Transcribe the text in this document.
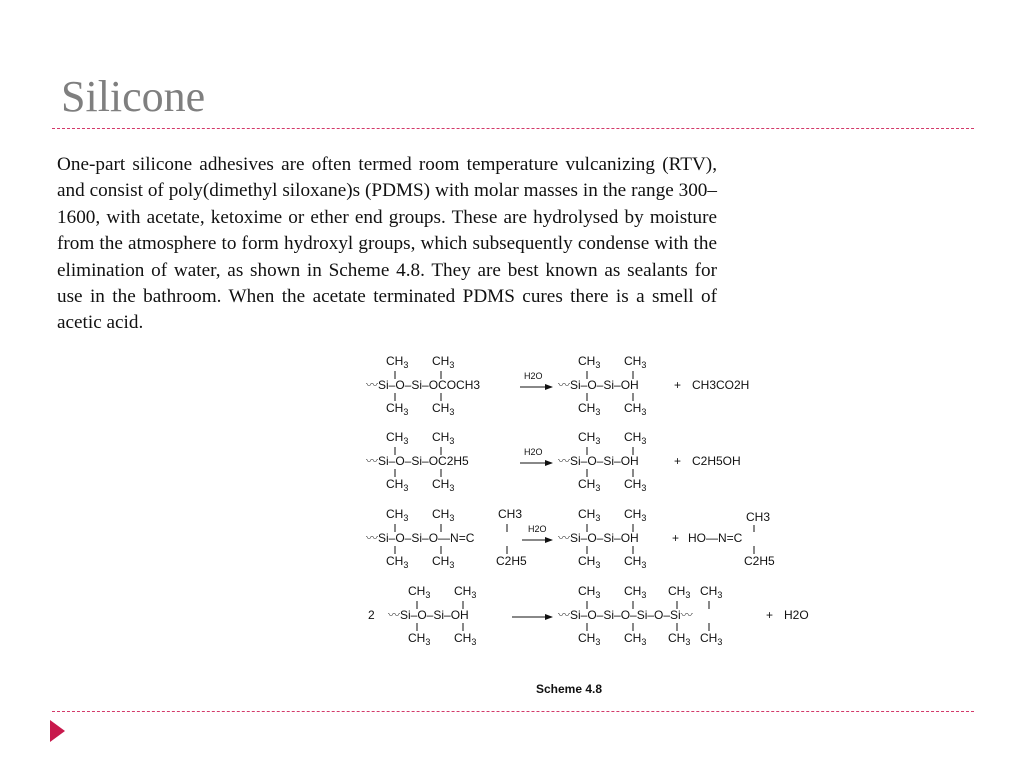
Silicone

One-part silicone adhesives are often termed room temperature vulcanizing (RTV), and consist of poly(dimethyl siloxane)s (PDMS) with molar masses in the range 300–1600, with acetate, ketoxime or ether end groups. These are hydrolysed by moisture from the atmosphere to form hydroxyl groups, which subsequently condense with the elimination of water, as shown in Scheme 4.8. They are best known as sealants for use in the bathroom. When the acetate terminated PDMS cures there is a smell of acetic acid.

$CH_3$ $CH_3$
〰Si–O–Si–OCOCH3
$CH_3$ $CH_3$
H2O
$CH_3$ $CH_3$
〰Si–O–Si–OH
$CH_3$ $CH_3$
+ CH3CO2H
$CH_3$ $CH_3$
〰Si–O–Si–OC2H5
$CH_3$ $CH_3$
H2O
$CH_3$ $CH_3$
〰Si–O–Si–OH
$CH_3$ $CH_3$
+ C2H5OH
$CH_3$ $CH_3$
〰Si–O–Si–O—N=C
$CH_3$ $CH_3$
CH3
C2H5
H2O
$CH_3$ $CH_3$
〰Si–O–Si–OH
$CH_3$ $CH_3$
+ HO—N=C
CH3
C2H5
2
$CH_3$ $CH_3$
〰Si–O–Si–OH
$CH_3$ $CH_3$
$CH_3$ $CH_3$ $CH_3$ $CH_3$
〰Si–O–Si–O–Si–O–Si〰
$CH_3$ $CH_3$ $CH_3$ $CH_3$
+ H2O
Scheme 4.8
